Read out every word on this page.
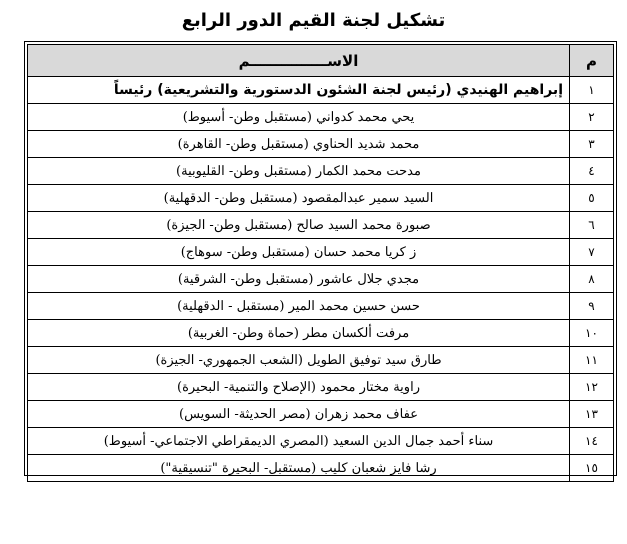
تشكيل لجنة القيم الدور الرابع
م	الاســـــــــــــــم
١	إبراهيم الهنيدي (رئيس لجنة الشئون الدستورية والتشريعية) رئيساً
٢	يحي محمد كدواني (مستقبل وطن- أسيوط)
٣	محمد شديد الحناوي (مستقبل وطن- القاهرة)
٤	مدحت محمد الكمار (مستقبل وطن- القليوبية)
٥	السيد سمير عبدالمقصود (مستقبل وطن- الدقهلية)
٦	صبورة محمد السيد صالح (مستقبل وطن- الجيزة)
٧	ز كريا محمد حسان (مستقبل وطن- سوهاج)
٨	مجدي جلال عاشور (مستقبل وطن- الشرقية)
٩	حسن حسين محمد المير (مستقبل - الدقهلية)
١٠	مرفت ألكسان مطر (حماة وطن- الغربية)
١١	طارق سيد توفيق الطويل (الشعب الجمهوري- الجيزة)
١٢	راوية مختار محمود (الإصلاح والتنمية- البحيرة)
١٣	عفاف محمد زهران (مصر الحديثة- السويس)
١٤	سناء أحمد جمال الدين السعيد (المصري الديمقراطي الاجتماعي- أسيوط)
١٥	رشا فايز شعبان كليب (مستقبل- البحيرة "تنسيقية")
